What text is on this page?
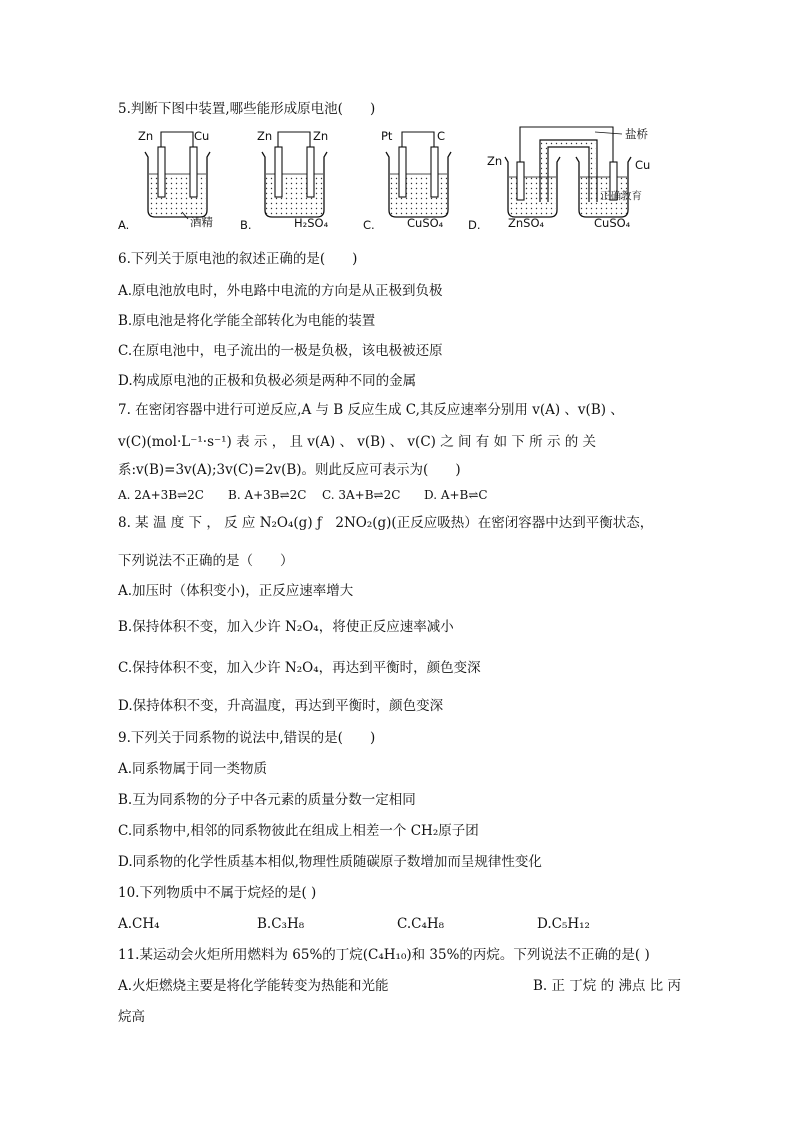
5.判断下图中装置,哪些能形成原电池(　　)
Zn	Cu
A.	酒精
Zn	Zn
B.	H₂SO₄
Pt	C
C.	CuSO₄
Zn	Cu
盐桥
D. ZnSO₄	CuSO₄
正确教育
6.下列关于原电池的叙述正确的是(　　)
A.原电池放电时，外电路中电流的方向是从正极到负极
B.原电池是将化学能全部转化为电能的装置
C.在原电池中，电子流出的一极是负极，该电极被还原
D.构成原电池的正极和负极必须是两种不同的金属
7. 在密闭容器中进行可逆反应,A 与 B 反应生成 C,其反应速率分别用 v(A) 、v(B) 、
v(C)(mol·L⁻¹·s⁻¹) 表 示 ， 且 v(A) 、 v(B) 、 v(C) 之 间 有 如 下 所 示 的 关
系:v(B)=3v(A);3v(C)=2v(B)。则此反应可表示为(　　)
A. 2A+3B⇌2C B. A+3B⇌2C C. 3A+B⇌2C D. A+B⇌C
8. 某 温 度 下 ， 反 应 N₂O₄(g) ƒ　2NO₂(g)(正反应吸热）在密闭容器中达到平衡状态，
下列说法不正确的是（　　）
A.加压时（体积变小)，正反应速率增大
B.保持体积不变，加入少许 N₂O₄，将使正反应速率减小
C.保持体积不变，加入少许 N₂O₄，再达到平衡时，颜色变深
D.保持体积不变，升高温度，再达到平衡时，颜色变深
9.下列关于同系物的说法中,错误的是(　　)
A.同系物属于同一类物质
B.互为同系物的分子中各元素的质量分数一定相同
C.同系物中,相邻的同系物彼此在组成上相差一个 CH₂原子团
D.同系物的化学性质基本相似,物理性质随碳原子数增加而呈规律性变化
10.下列物质中不属于烷烃的是( )
A.CH₄	B.C₃H₈	C.C₄H₈	D.C₅H₁₂
11.某运动会火炬所用燃料为 65%的丁烷(C₄H₁₀)和 35%的丙烷。下列说法不正确的是( )
A.火炬燃烧主要是将化学能转变为热能和光能	B. 正 丁烷 的 沸点 比 丙
烷高
